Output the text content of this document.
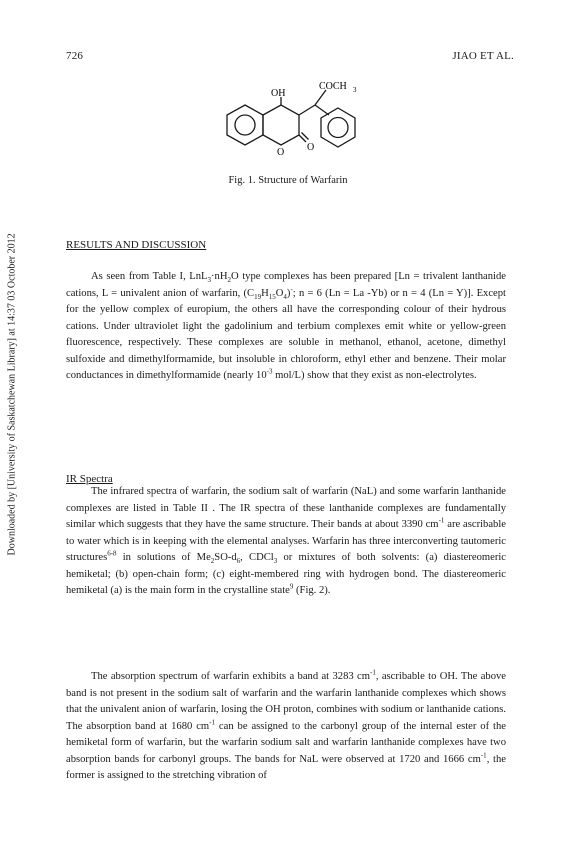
726	JIAO ET AL.
Downloaded by [University of Saskatchewan Library] at 14:37 03 October 2012
OH
COCH 3
O O
Fig. 1. Structure of Warfarin
RESULTS AND DISCUSSION

As seen from Table I, $LnL_3\cdot nH_2O$ type complexes has been prepared [Ln = trivalent lanthanide cations, L = univalent anion of warfarin, $(C_{19}H_{15}O_4)^-$; n = 6 (Ln = La -Yb) or n = 4 (Ln = Y)]. Except for the yellow complex of europium, the others all have the corresponding colour of their hydrous cations. Under ultraviolet light the gadolinium and terbium complexes emit white or yellow-green fluorescence, respectively. These complexes are soluble in methanol, ethanol, acetone, dimethyl sulfoxide and dimethylformamide, but insoluble in chloroform, ethyl ether and benzene. Their molar conductances in dimethylformamide (nearly $10^{-3}$ mol/L) show that they exist as non-electrolytes.

IR Spectra

The infrared spectra of warfarin, the sodium salt of warfarin (NaL) and some warfarin lanthanide complexes are listed in Table II . The IR spectra of these lanthanide complexes are fundamentally similar which suggests that they have the same structure. Their bands at about 3390 $cm^{-1}$ are ascribable to water which is in keeping with the elemental analyses. Warfarin has three interconverting tautomeric structures$^{6-8}$ in solutions of $Me_2SO-d_6$, CDCl$_3$ or mixtures of both solvents: (a) diastereomeric hemiketal; (b) open-chain form; (c) eight-membered ring with hydrogen bond. The diastereomeric hemiketal (a) is the main form in the crystalline state$^9$ (Fig. 2).

The absorption spectrum of warfarin exhibits a band at 3283 $cm^{-1}$, ascribable to OH. The above band is not present in the sodium salt of warfarin and the warfarin lanthanide complexes which shows that the univalent anion of warfarin, losing the OH proton, combines with sodium or lanthanide cations. The absorption band at 1680 $cm^{-1}$ can be assigned to the carbonyl group of the internal ester of the hemiketal form of warfarin, but the warfarin sodium salt and warfarin lanthanide complexes have two absorption bands for carbonyl groups. The bands for NaL were observed at 1720 and 1666 $cm^{-1}$, the former is assigned to the stretching vibration of
